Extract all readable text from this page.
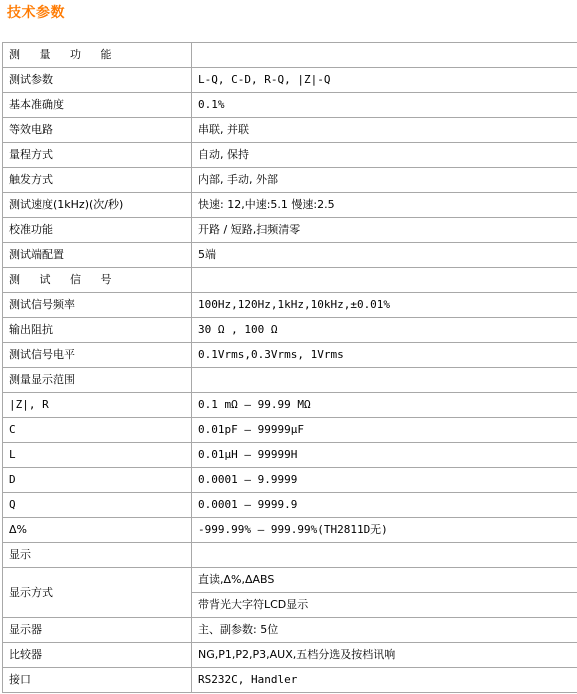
技术参数
测 量 功 能	
测试参数	L-Q, C-D, R-Q, |Z|-Q
基本准确度	0.1%
等效电路	串联, 并联
量程方式	自动, 保持
触发方式	内部, 手动, 外部
测试速度(1kHz)(次/秒)	快速: 12,中速:5.1 慢速:2.5
校准功能	开路 / 短路,扫频清零
测试端配置	5端
测 试 信 号	
测试信号频率	100Hz,120Hz,1kHz,10kHz,±0.01%
输出阻抗	30 Ω , 100 Ω
测试信号电平	0.1Vrms,0.3Vrms, 1Vrms
测量显示范围	
|Z|, R	0.1 mΩ — 99.99 MΩ
C	0.01pF — 99999μF
L	0.01μH — 99999H
D	0.0001 — 9.9999
Q	0.0001 — 9999.9
Δ%	-999.99% — 999.99%(TH2811D无)
显示	
显示方式	直读,Δ%,ΔABS
	带背光大字符LCD显示
显示器	主、副参数: 5位
比较器	NG,P1,P2,P3,AUX,五档分选及按档讯响
接口	RS232C, Handler
